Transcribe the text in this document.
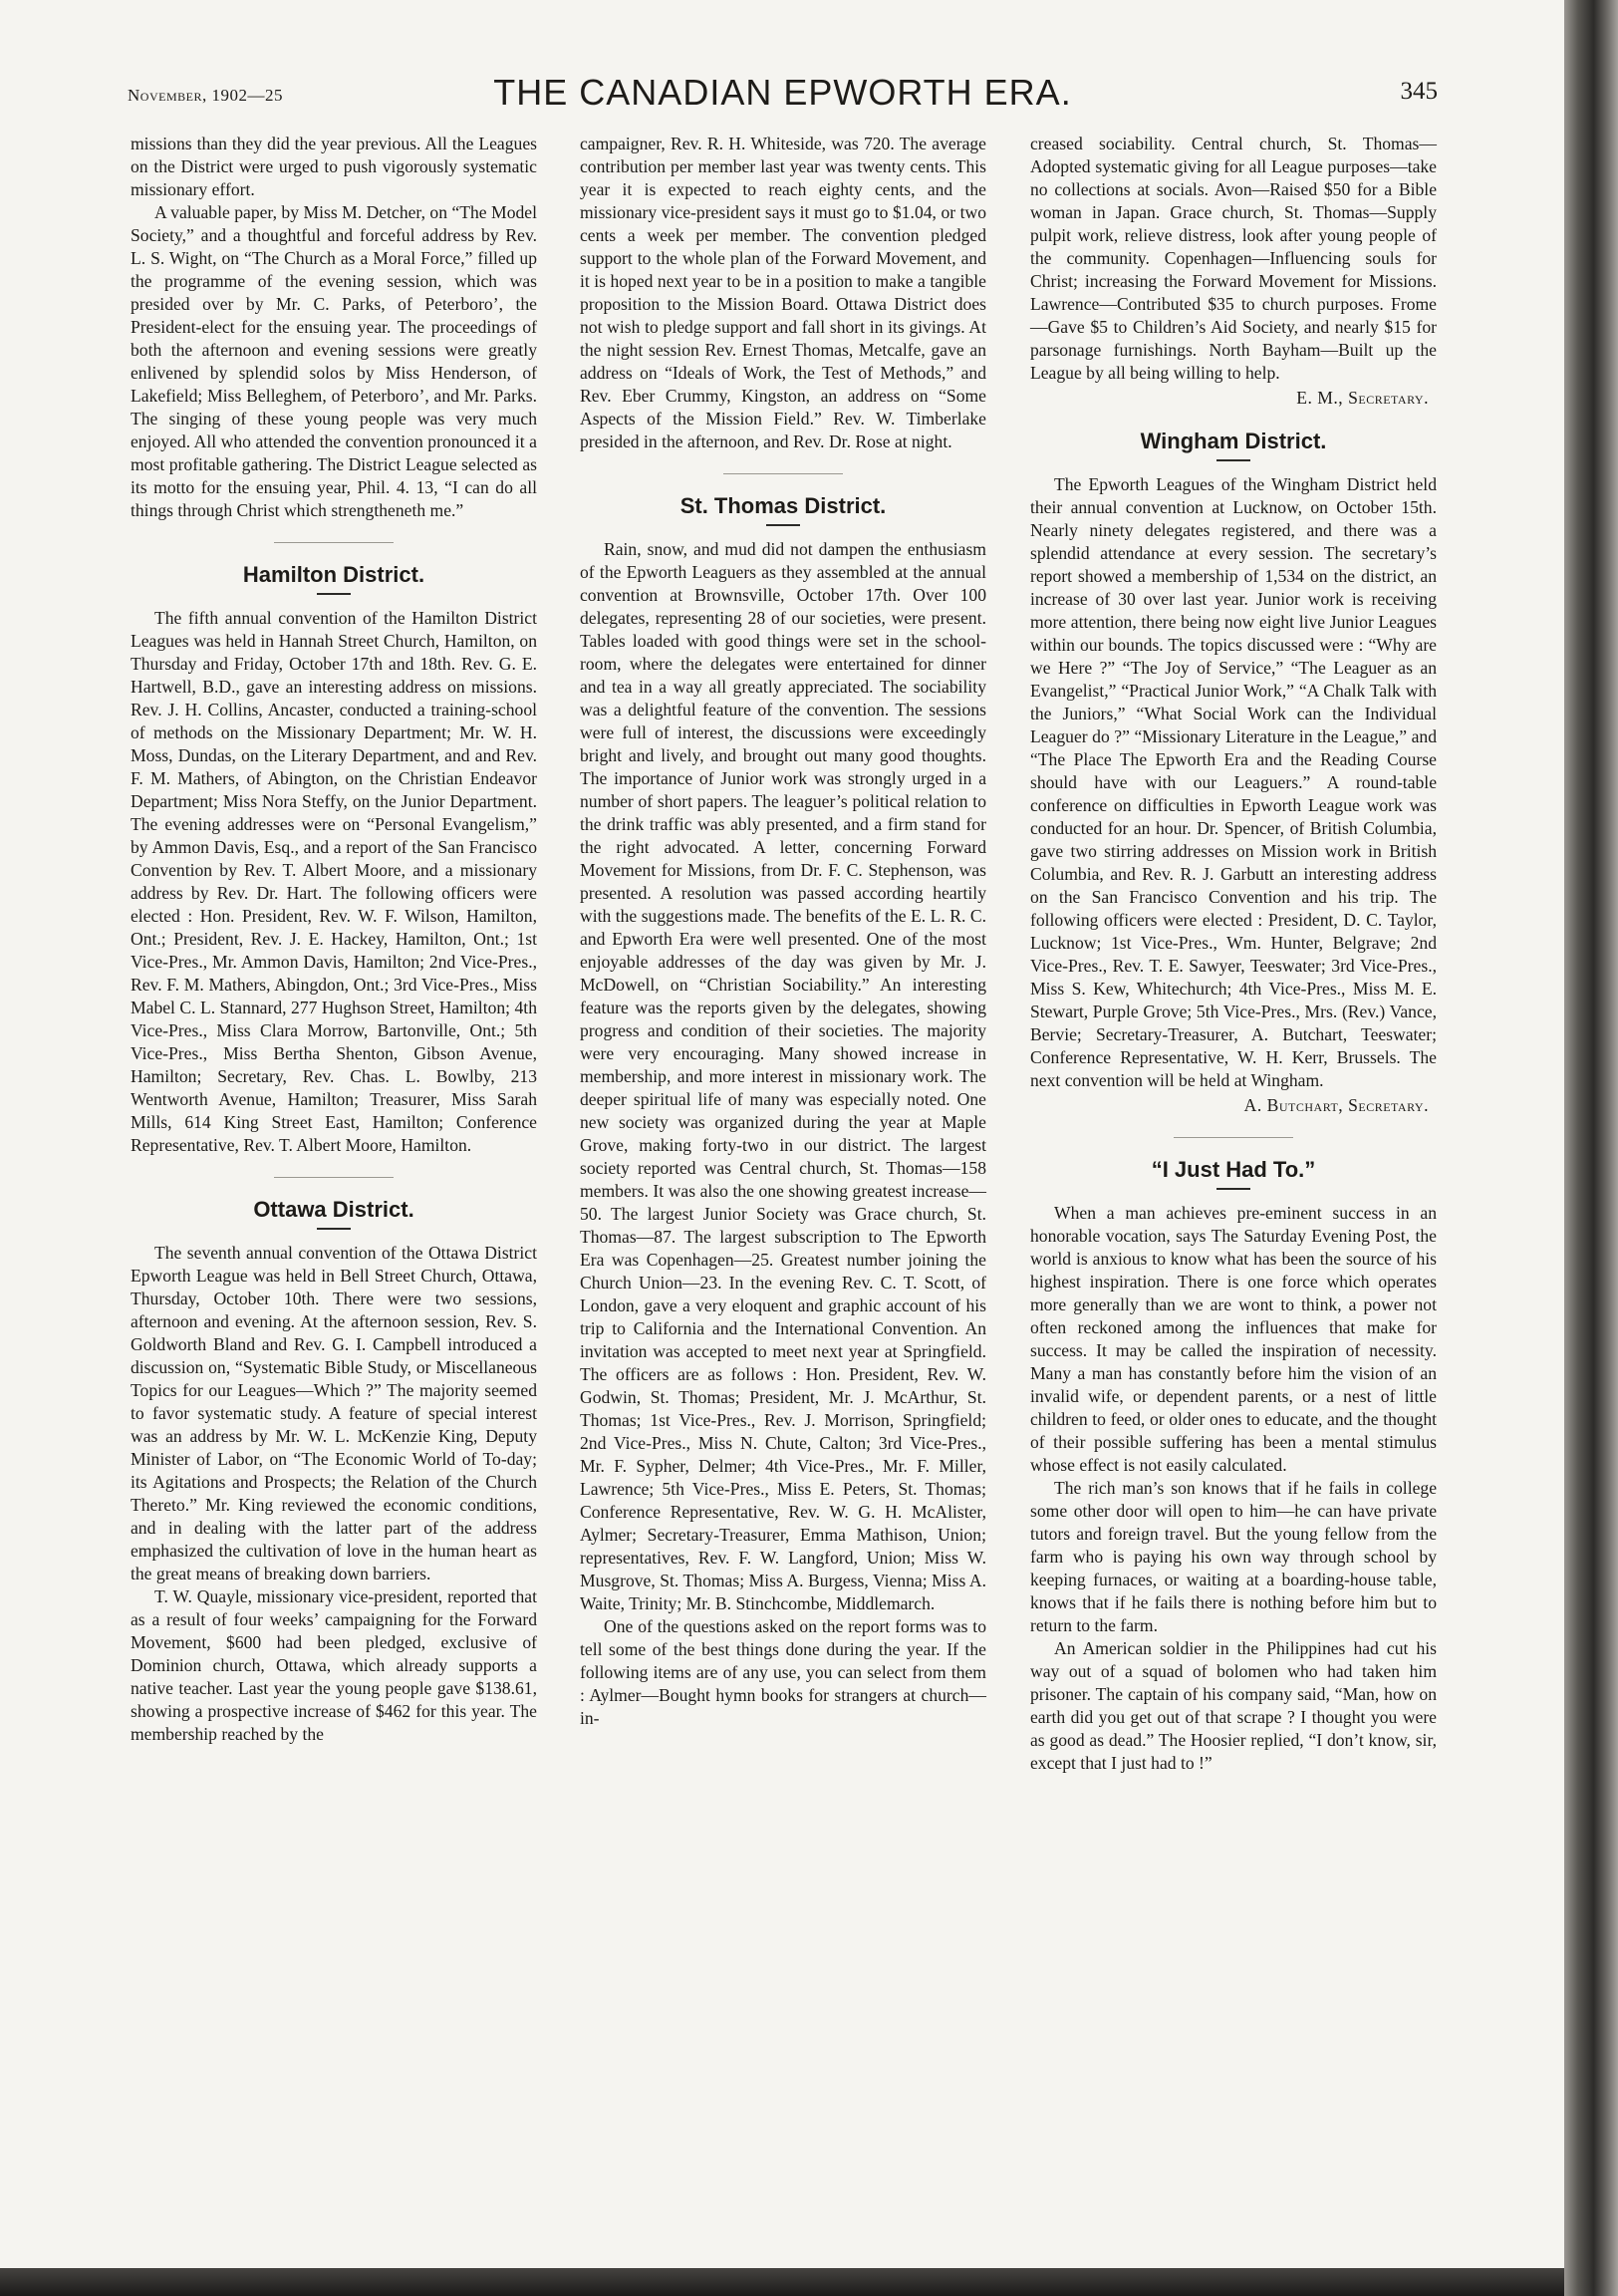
November, 1902—25	THE CANADIAN EPWORTH ERA.	345

missions than they did the year previous. All the Leagues on the District were urged to push vigorously systematic missionary effort.

A valuable paper, by Miss M. Detcher, on “The Model Society,” and a thoughtful and forceful address by Rev. L. S. Wight, on “The Church as a Moral Force,” filled up the programme of the evening session, which was presided over by Mr. C. Parks, of Peterboro’, the President-elect for the ensuing year. The proceedings of both the afternoon and evening sessions were greatly enlivened by splendid solos by Miss Henderson, of Lakefield; Miss Belleghem, of Peterboro’, and Mr. Parks. The singing of these young people was very much enjoyed. All who attended the convention pronounced it a most profitable gathering. The District League selected as its motto for the ensuing year, Phil. 4. 13, “I can do all things through Christ which strengtheneth me.”

Hamilton District.

The fifth annual convention of the Hamilton District Leagues was held in Hannah Street Church, Hamilton, on Thursday and Friday, October 17th and 18th. Rev. G. E. Hartwell, B.D., gave an interesting address on missions. Rev. J. H. Collins, Ancaster, conducted a training-school of methods on the Missionary Department; Mr. W. H. Moss, Dundas, on the Literary Department, and and Rev. F. M. Mathers, of Abington, on the Christian Endeavor Department; Miss Nora Steffy, on the Junior Department. The evening addresses were on “Personal Evangelism,” by Ammon Davis, Esq., and a report of the San Francisco Convention by Rev. T. Albert Moore, and a missionary address by Rev. Dr. Hart. The following officers were elected : Hon. President, Rev. W. F. Wilson, Hamilton, Ont.; President, Rev. J. E. Hackey, Hamilton, Ont.; 1st Vice-Pres., Mr. Ammon Davis, Hamilton; 2nd Vice-Pres., Rev. F. M. Mathers, Abingdon, Ont.; 3rd Vice-Pres., Miss Mabel C. L. Stannard, 277 Hughson Street, Hamilton; 4th Vice-Pres., Miss Clara Morrow, Bartonville, Ont.; 5th Vice-Pres., Miss Bertha Shenton, Gibson Avenue, Hamilton; Secretary, Rev. Chas. L. Bowlby, 213 Wentworth Avenue, Hamilton; Treasurer, Miss Sarah Mills, 614 King Street East, Hamilton; Conference Representative, Rev. T. Albert Moore, Hamilton.

Ottawa District.

The seventh annual convention of the Ottawa District Epworth League was held in Bell Street Church, Ottawa, Thursday, October 10th. There were two sessions, afternoon and evening. At the afternoon session, Rev. S. Goldworth Bland and Rev. G. I. Campbell introduced a discussion on, “Systematic Bible Study, or Miscellaneous Topics for our Leagues—Which ?” The majority seemed to favor systematic study. A feature of special interest was an address by Mr. W. L. McKenzie King, Deputy Minister of Labor, on “The Economic World of To-day; its Agitations and Prospects; the Relation of the Church Thereto.” Mr. King reviewed the economic conditions, and in dealing with the latter part of the address emphasized the cultivation of love in the human heart as the great means of breaking down barriers.

T. W. Quayle, missionary vice-president, reported that as a result of four weeks’ campaigning for the Forward Movement, $600 had been pledged, exclusive of Dominion church, Ottawa, which already supports a native teacher. Last year the young people gave $138.61, showing a prospective increase of $462 for this year. The membership reached by the

campaigner, Rev. R. H. Whiteside, was 720. The average contribution per member last year was twenty cents. This year it is expected to reach eighty cents, and the missionary vice-president says it must go to $1.04, or two cents a week per member. The convention pledged support to the whole plan of the Forward Movement, and it is hoped next year to be in a position to make a tangible proposition to the Mission Board. Ottawa District does not wish to pledge support and fall short in its givings. At the night session Rev. Ernest Thomas, Metcalfe, gave an address on “Ideals of Work, the Test of Methods,” and Rev. Eber Crummy, Kingston, an address on “Some Aspects of the Mission Field.” Rev. W. Timberlake presided in the afternoon, and Rev. Dr. Rose at night.

St. Thomas District.

Rain, snow, and mud did not dampen the enthusiasm of the Epworth Leaguers as they assembled at the annual convention at Brownsville, October 17th. Over 100 delegates, representing 28 of our societies, were present. Tables loaded with good things were set in the school-room, where the delegates were entertained for dinner and tea in a way all greatly appreciated. The sociability was a delightful feature of the convention. The sessions were full of interest, the discussions were exceedingly bright and lively, and brought out many good thoughts. The importance of Junior work was strongly urged in a number of short papers. The leaguer’s political relation to the drink traffic was ably presented, and a firm stand for the right advocated. A letter, concerning Forward Movement for Missions, from Dr. F. C. Stephenson, was presented. A resolution was passed according heartily with the suggestions made. The benefits of the E. L. R. C. and Epworth Era were well presented. One of the most enjoyable addresses of the day was given by Mr. J. McDowell, on “Christian Sociability.” An interesting feature was the reports given by the delegates, showing progress and condition of their societies. The majority were very encouraging. Many showed increase in membership, and more interest in missionary work. The deeper spiritual life of many was especially noted. One new society was organized during the year at Maple Grove, making forty-two in our district. The largest society reported was Central church, St. Thomas—158 members. It was also the one showing greatest increase—50. The largest Junior Society was Grace church, St. Thomas—87. The largest subscription to The Epworth Era was Copenhagen—25. Greatest number joining the Church Union—23. In the evening Rev. C. T. Scott, of London, gave a very eloquent and graphic account of his trip to California and the International Convention. An invitation was accepted to meet next year at Springfield. The officers are as follows : Hon. President, Rev. W. Godwin, St. Thomas; President, Mr. J. McArthur, St. Thomas; 1st Vice-Pres., Rev. J. Morrison, Springfield; 2nd Vice-Pres., Miss N. Chute, Calton; 3rd Vice-Pres., Mr. F. Sypher, Delmer; 4th Vice-Pres., Mr. F. Miller, Lawrence; 5th Vice-Pres., Miss E. Peters, St. Thomas; Conference Representative, Rev. W. G. H. McAlister, Aylmer; Secretary-Treasurer, Emma Mathison, Union; representatives, Rev. F. W. Langford, Union; Miss W. Musgrove, St. Thomas; Miss A. Burgess, Vienna; Miss A. Waite, Trinity; Mr. B. Stinchcombe, Middlemarch.

One of the questions asked on the report forms was to tell some of the best things done during the year. If the following items are of any use, you can select from them : Aylmer—Bought hymn books for strangers at church—in-

creased sociability. Central church, St. Thomas—Adopted systematic giving for all League purposes—take no collections at socials. Avon—Raised $50 for a Bible woman in Japan. Grace church, St. Thomas—Supply pulpit work, relieve distress, look after young people of the community. Copenhagen—Influencing souls for Christ; increasing the Forward Movement for Missions. Lawrence—Contributed $35 to church purposes. Frome—Gave $5 to Children’s Aid Society, and nearly $15 for parsonage furnishings. North Bayham—Built up the League by all being willing to help.

E. M., Secretary.
Wingham District.

The Epworth Leagues of the Wingham District held their annual convention at Lucknow, on October 15th. Nearly ninety delegates registered, and there was a splendid attendance at every session. The secretary’s report showed a membership of 1,534 on the district, an increase of 30 over last year. Junior work is receiving more attention, there being now eight live Junior Leagues within our bounds. The topics discussed were : “Why are we Here ?” “The Joy of Service,” “The Leaguer as an Evangelist,” “Practical Junior Work,” “A Chalk Talk with the Juniors,” “What Social Work can the Individual Leaguer do ?” “Missionary Literature in the League,” and “The Place The Epworth Era and the Reading Course should have with our Leaguers.” A round-table conference on difficulties in Epworth League work was conducted for an hour. Dr. Spencer, of British Columbia, gave two stirring addresses on Mission work in British Columbia, and Rev. R. J. Garbutt an interesting address on the San Francisco Convention and his trip. The following officers were elected : President, D. C. Taylor, Lucknow; 1st Vice-Pres., Wm. Hunter, Belgrave; 2nd Vice-Pres., Rev. T. E. Sawyer, Teeswater; 3rd Vice-Pres., Miss S. Kew, Whitechurch; 4th Vice-Pres., Miss M. E. Stewart, Purple Grove; 5th Vice-Pres., Mrs. (Rev.) Vance, Bervie; Secretary-Treasurer, A. Butchart, Teeswater; Conference Representative, W. H. Kerr, Brussels. The next convention will be held at Wingham.

A. Butchart, Secretary.
“I Just Had To.”

When a man achieves pre-eminent success in an honorable vocation, says The Saturday Evening Post, the world is anxious to know what has been the source of his highest inspiration. There is one force which operates more generally than we are wont to think, a power not often reckoned among the influences that make for success. It may be called the inspiration of necessity. Many a man has constantly before him the vision of an invalid wife, or dependent parents, or a nest of little children to feed, or older ones to educate, and the thought of their possible suffering has been a mental stimulus whose effect is not easily calculated.

The rich man’s son knows that if he fails in college some other door will open to him—he can have private tutors and foreign travel. But the young fellow from the farm who is paying his own way through school by keeping furnaces, or waiting at a boarding-house table, knows that if he fails there is nothing before him but to return to the farm.

An American soldier in the Philippines had cut his way out of a squad of bolomen who had taken him prisoner. The captain of his company said, “Man, how on earth did you get out of that scrape ? I thought you were as good as dead.” The Hoosier replied, “I don’t know, sir, except that I just had to !”
